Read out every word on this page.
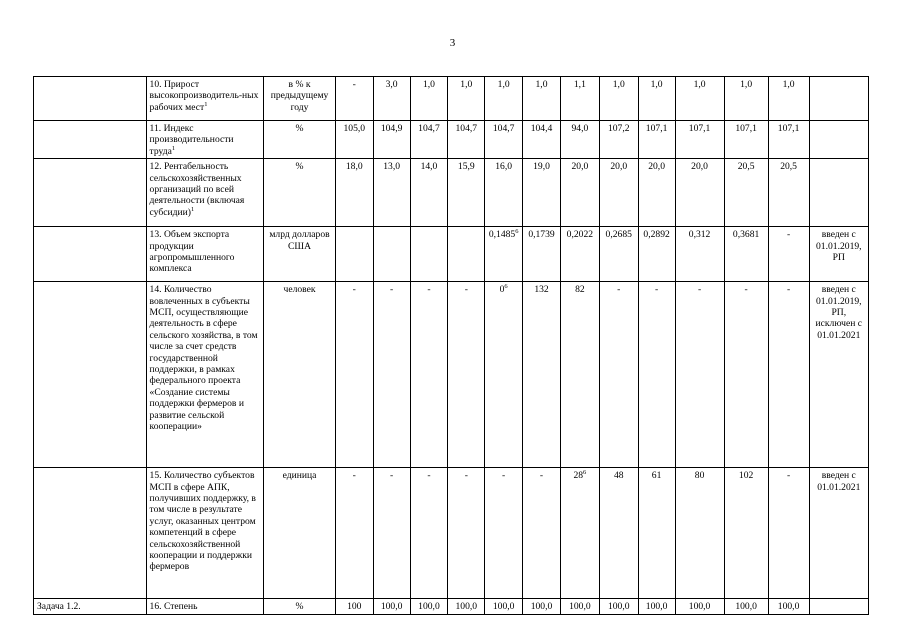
3
	10. Прирост высокопроизводитель-ных рабочих мест$^1$	в % к предыдущему году	-	3,0	1,0	1,0	1,0	1,0	1,1	1,0	1,0	1,0	1,0	1,0	
	11. Индекс производительности труда$^1$	%	105,0	104,9	104,7	104,7	104,7	104,4	94,0	107,2	107,1	107,1	107,1	107,1	
	12. Рентабельность сельскохозяйственных организаций по всей деятельности (включая субсидии)$^1$	%	18,0	13,0	14,0	15,9	16,0	19,0	20,0	20,0	20,0	20,0	20,5	20,5	
	13. Объем экспорта продукции агропромышленного комплекса	млрд долларов США					0,1485$^6$	0,1739	0,2022	0,2685	0,2892	0,312	0,3681	-	введен с 01.01.2019, РП
	14. Количество вовлеченных в субъекты МСП, осуществляющие деятельность в сфере сельского хозяйства, в том числе за счет средств государственной поддержки, в рамках федерального проекта «Создание системы поддержки фермеров и развитие сельской кооперации»	человек	-	-	-	-	$0^6$	132	82	-	-	-	-	-	введен с 01.01.2019, РП, исключен с 01.01.2021
	15. Количество субъектов МСП в сфере АПК, получивших поддержку, в том числе в результате услуг, оказанных центром компетенций в сфере сельскохозяйственной кооперации и поддержки фермеров	единица	-	-	-	-	-	-	$28^6$	48	61	80	102	-	введен с 01.01.2021
Задача 1.2.	16. Степень	%	100	100,0	100,0	100,0	100,0	100,0	100,0	100,0	100,0	100,0	100,0	100,0	
